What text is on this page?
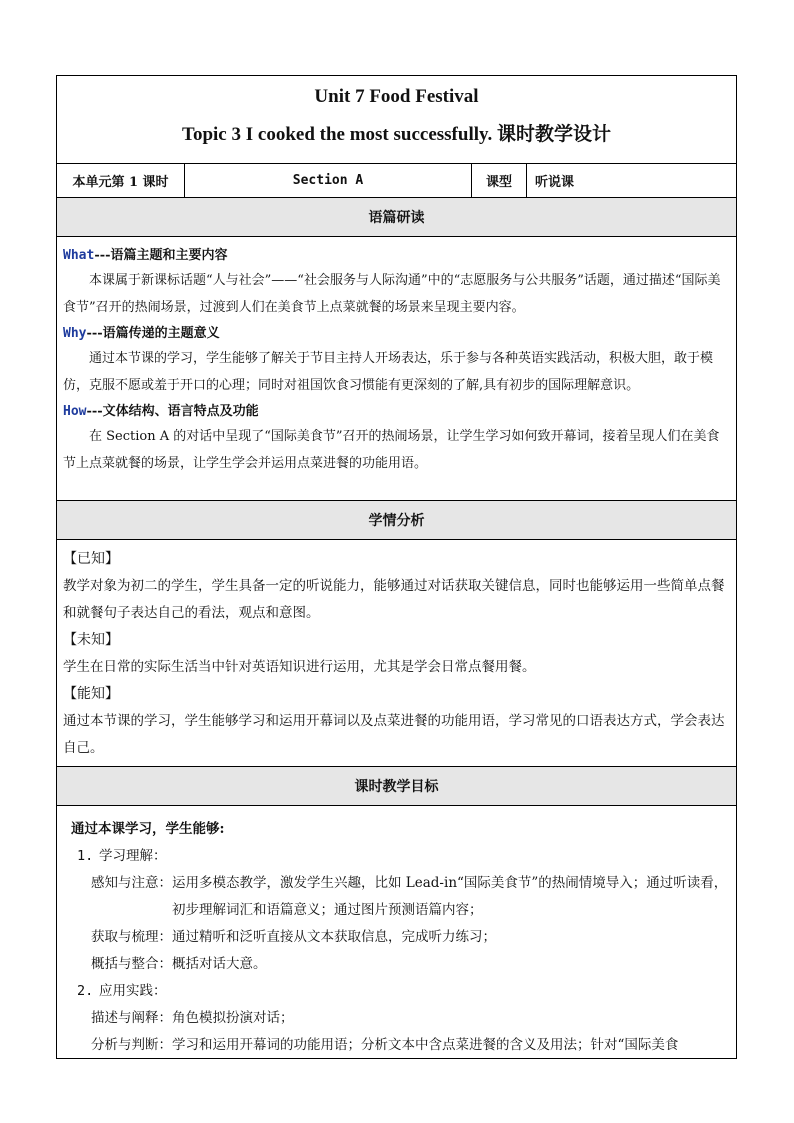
Unit 7 Food Festival
Topic 3 I cooked the most successfully. 课时教学设计
本单元第 1 课时	Section A	课型	听说课
语篇研读
What---语篇主题和主要内容
本课属于新课标话题“人与社会”——“社会服务与人际沟通”中的“志愿服务与公共服务”话题，通过描述“国际美食节”召开的热闹场景，过渡到人们在美食节上点菜就餐的场景来呈现主要内容。
Why---语篇传递的主题意义
通过本节课的学习，学生能够了解关于节目主持人开场表达，乐于参与各种英语实践活动，积极大胆，敢于模仿，克服不愿或羞于开口的心理；同时对祖国饮食习惯能有更深刻的了解,具有初步的国际理解意识。
How---文体结构、语言特点及功能
在 Section A 的对话中呈现了“国际美食节”召开的热闹场景，让学生学习如何致开幕词，接着呈现人们在美食节上点菜就餐的场景，让学生学会并运用点菜进餐的功能用语。
学情分析
【已知】
教学对象为初二的学生，学生具备一定的听说能力，能够通过对话获取关键信息，同时也能够运用一些简单点餐和就餐句子表达自己的看法，观点和意图。
【未知】
学生在日常的实际生活当中针对英语知识进行运用，尤其是学会日常点餐用餐。
【能知】
通过本节课的学习，学生能够学习和运用开幕词以及点菜进餐的功能用语，学习常见的口语表达方式，学会表达自己。
课时教学目标
通过本课学习，学生能够:
1. 学习理解：
感知与注意： 运用多模态教学，激发学生兴趣，比如 Lead-in“国际美食节”的热闹情境导入；通过听读看，初步理解词汇和语篇意义；通过图片预测语篇内容；
获取与梳理： 通过精听和泛听直接从文本获取信息，完成听力练习；
概括与整合： 概括对话大意。
2. 应用实践：
描述与阐释： 角色模拟扮演对话；
分析与判断： 学习和运用开幕词的功能用语；分析文本中含点菜进餐的含义及用法；针对“国际美食
